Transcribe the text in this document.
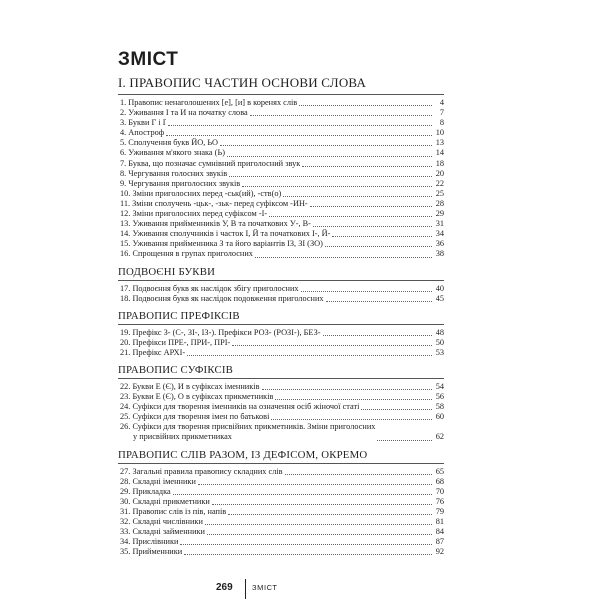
ЗМІСТ
I. ПРАВОПИС ЧАСТИН ОСНОВИ СЛОВА
1. Правопис ненаголошених [е], [и] в коренях слів	4
2. Уживання І та И на початку слова	7
3. Букви Г і Ґ	8
4. Апостроф	10
5. Сполучення букв ЙО, ЬО	13
6. Уживання м'якого знака (Ь)	14
7. Буква, що позначає сумнівний приголосний звук	18
8. Чергування голосних звуків	20
9. Чергування приголосних звуків	22
10. Зміни приголосних перед -ськ(ий), -ств(о)	25
11. Зміни сполучень -цьк-, -зьк- перед суфіксом -ИН-	28
12. Зміни приголосних перед суфіксом -І-	29
13. Уживання прийменників У, В та початкових У-, В-	31
14. Уживання сполучників і часток І, Й та початкових І-, Й-	34
15. Уживання прийменника З та його варіантів ІЗ, ЗІ (ЗО)	36
16. Спрощення в групах приголосних	38
ПОДВОЄНІ БУКВИ
17. Подвоєння букв як наслідок збігу приголосних	40
18. Подвоєння букв як наслідок подовження приголосних	45
ПРАВОПИС ПРЕФІКСІВ
19. Префікс З- (С-, ЗІ-, ІЗ-). Префікси РОЗ- (РОЗІ-), БЕЗ-	48
20. Префікси ПРЕ-, ПРИ-, ПРІ-	50
21. Префікс АРХІ-	53
ПРАВОПИС СУФІКСІВ
22. Букви Е (Є), И в суфіксах іменників	54
23. Букви Е (Є), О в суфіксах прикметників	56
24. Суфікси для творення іменників на означення осіб жіночої статі	58
25. Суфікси для творення імен по батькові	60
26. Суфікси для творення присвійних прикметників. Зміни приголосних
у присвійних прикметниках	62
ПРАВОПИС СЛІВ РАЗОМ, ІЗ ДЕФІСОМ, ОКРЕМО
27. Загальні правила правопису складних слів	65
28. Складні іменники	68
29. Прикладка	70
30. Складні прикметники	76
31. Правопис слів із пів, напів	79
32. Складні числівники	81
33. Складні займенники	84
34. Прислівники	87
35. Прийменники	92
269	ЗМІСТ
